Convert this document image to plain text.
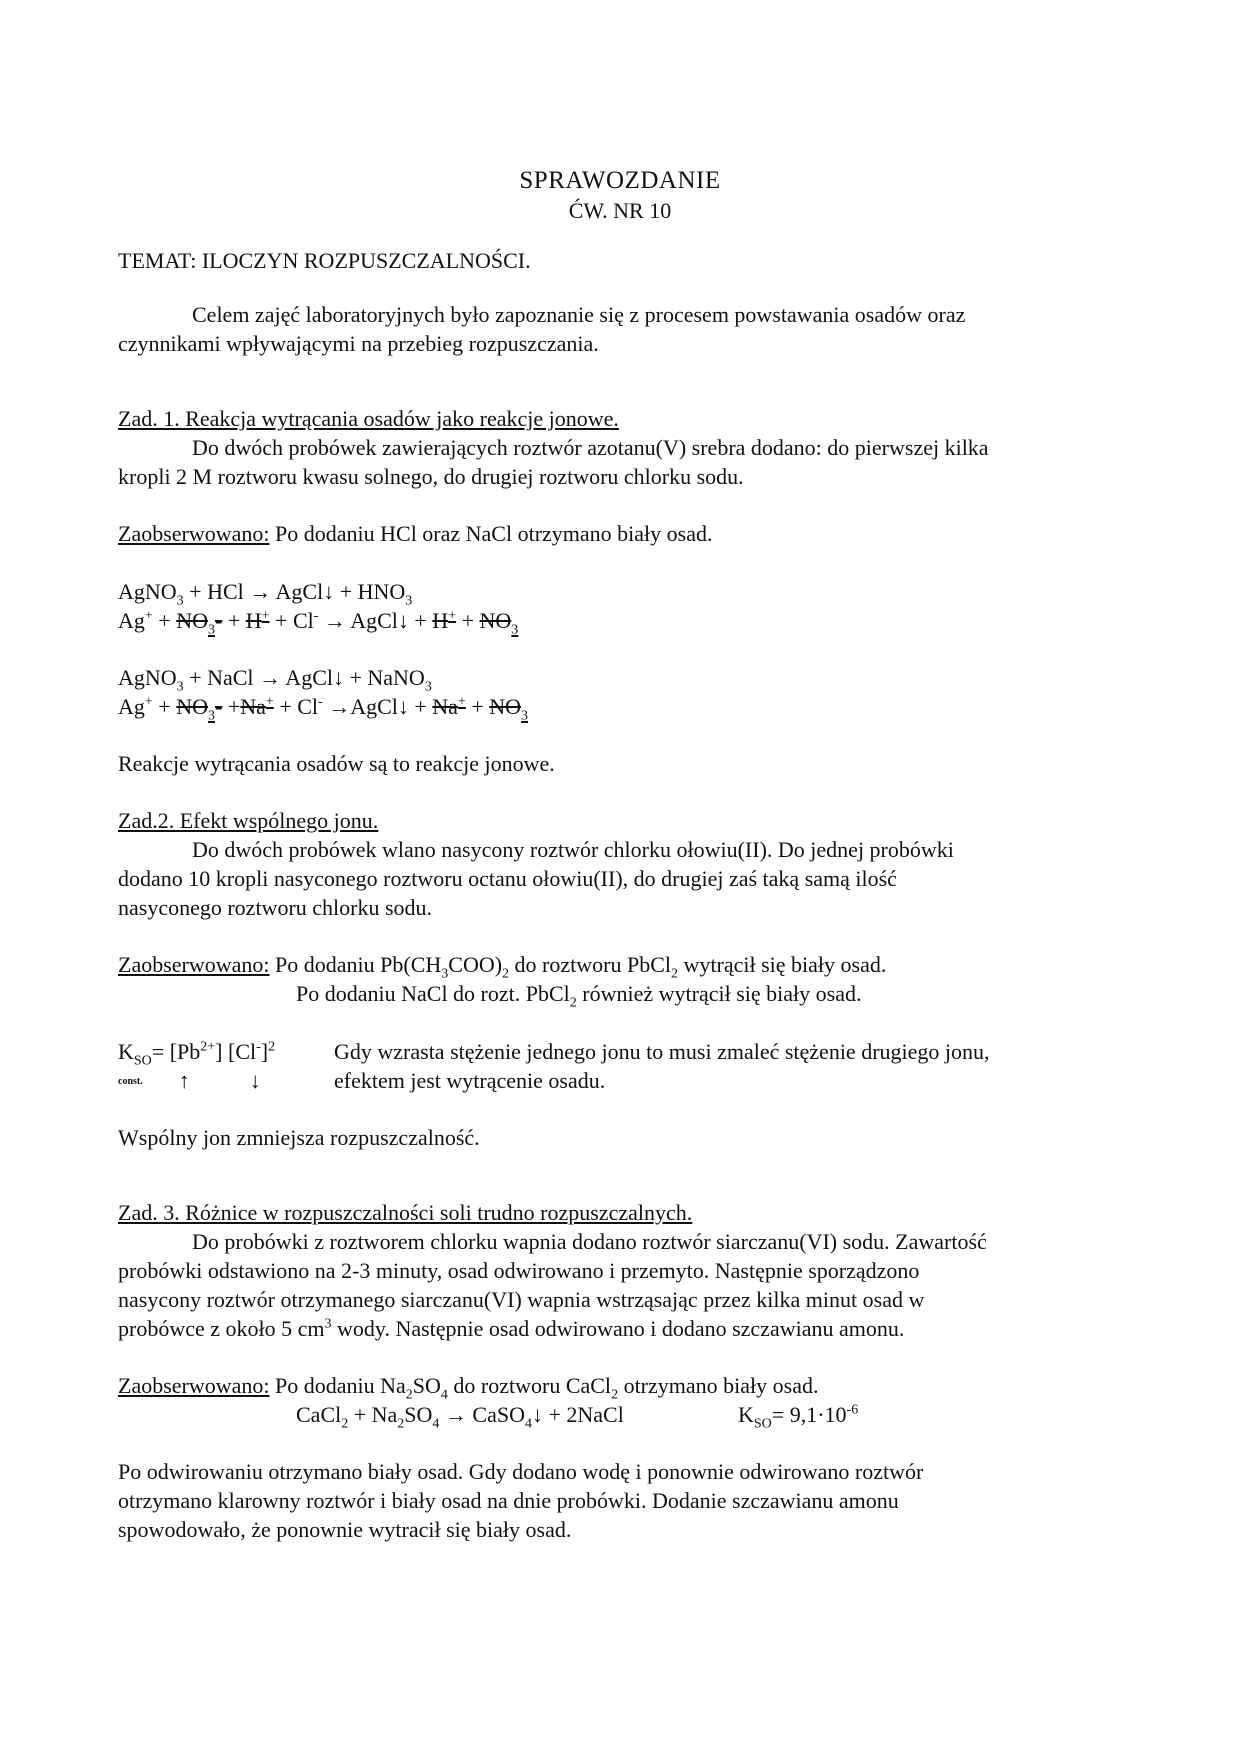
SPRAWOZDANIE
ĆW. NR 10
TEMAT: ILOCZYN ROZPUSZCZALNOŚCI.
Celem zajęć laboratoryjnych było zapoznanie się z procesem powstawania osadów oraz
czynnikami wpływającymi na przebieg rozpuszczania.
Zad. 1. Reakcja wytrącania osadów jako reakcje jonowe.
Do dwóch probówek zawierających roztwór azotanu(V) srebra dodano: do pierwszej kilka
kropli 2 M roztworu kwasu solnego, do drugiej roztworu chlorku sodu.
Zaobserwowano: Po dodaniu HCl oraz NaCl otrzymano biały osad.
AgNO$_3$ + HCl → AgCl↓ + $HNO_3$
$Ag^+ + NO_3- + H^+ + Cl^-$ → AgCl↓ + $H^+ + NO_3$
AgNO$_3$ + NaCl → AgCl↓ + NaNO$_3$
$Ag^+ + NO_3- +Na^+ + Cl^-$ →AgCl↓ + $Na^+ + NO_3$
Reakcje wytrącania osadów są to reakcje jonowe.
Zad.2. Efekt wspólnego jonu.
Do dwóch probówek wlano nasycony roztwór chlorku ołowiu(II). Do jednej probówki
dodano 10 kropli nasyconego roztworu octanu ołowiu(II), do drugiej zaś taką samą ilość
nasyconego roztworu chlorku sodu.
Zaobserwowano: Po dodaniu $Pb(CH_3COO)_2$ do roztworu PbCl$_2$ wytrącił się biały osad.
Po dodaniu NaCl do rozt. PbCl$_2$ również wytrącił się biały osad.
$K_{SO}= [Pb^{2+}]$ $[Cl^-]^2$	Gdy wzrasta stężenie jednego jonu to musi zmaleć stężenie drugiego jonu,
const. ↑	↓	efektem jest wytrącenie osadu.
Wspólny jon zmniejsza rozpuszczalność.
Zad. 3. Różnice w rozpuszczalności soli trudno rozpuszczalnych.
Do probówki z roztworem chlorku wapnia dodano roztwór siarczanu(VI) sodu. Zawartość
probówki odstawiono na 2-3 minuty, osad odwirowano i przemyto. Następnie sporządzono
nasycony roztwór otrzymanego siarczanu(VI) wapnia wstrząsając przez kilka minut osad w
probówce z około 5 $cm^3$ wody. Następnie osad odwirowano i dodano szczawianu amonu.
Zaobserwowano: Po dodaniu $Na_2SO_4$ do roztworu CaCl$_2$ otrzymano biały osad.
CaCl$_2$ + $Na_2SO_4$ → CaSO$_4$↓ + 2NaCl	$K_{SO}= 9,1\cdot 10^{-6}$
Po odwirowaniu otrzymano biały osad. Gdy dodano wodę i ponownie odwirowano roztwór
otrzymano klarowny roztwór i biały osad na dnie probówki. Dodanie szczawianu amonu
spowodowało, że ponownie wytracił się biały osad.
